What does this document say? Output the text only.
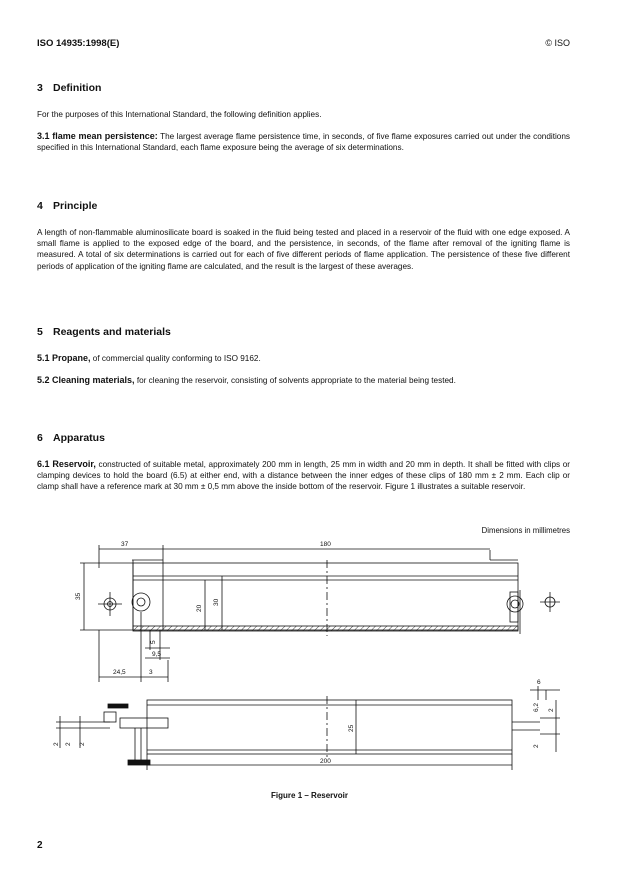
ISO 14935:1998(E)	© ISO
3 Definition

For the purposes of this International Standard, the following definition applies.

3.1 flame mean persistence: The largest average flame persistence time, in seconds, of five flame exposures carried out under the conditions specified in this International Standard, each flame exposure being the average of six determinations.

4 Principle

A length of non-flammable aluminosilicate board is soaked in the fluid being tested and placed in a reservoir of the fluid with one edge exposed. A small flame is applied to the exposed edge of the board, and the persistence, in seconds, of the flame after removal of the igniting flame is measured. A total of six determinations is carried out for each of five different periods of flame application. The persistence of these five different periods of application of the igniting flame are calculated, and the result is the largest of these averages.

5 Reagents and materials

5.1 Propane, of commercial quality conforming to ISO 9162.

5.2 Cleaning materials, for cleaning the reservoir, consisting of solvents appropriate to the material being tested.

6 Apparatus

6.1 Reservoir, constructed of suitable metal, approximately 200 mm in length, 25 mm in width and 20 mm in depth. It shall be fitted with clips or clamping devices to hold the board (6.5) at either end, with a distance between the inner edges of these clips of 180 mm ± 2 mm. Each clip or clamp shall have a reference mark at 30 mm ± 0,5 mm above the inside bottom of the reservoir. Figure 1 illustrates a suitable reservoir.

Dimensions in millimetres
37	180
35
20
30
5
9,5
24,5	3
6
6,2 2
2
2 2 2
25
200
Figure 1 – Reservoir
2
